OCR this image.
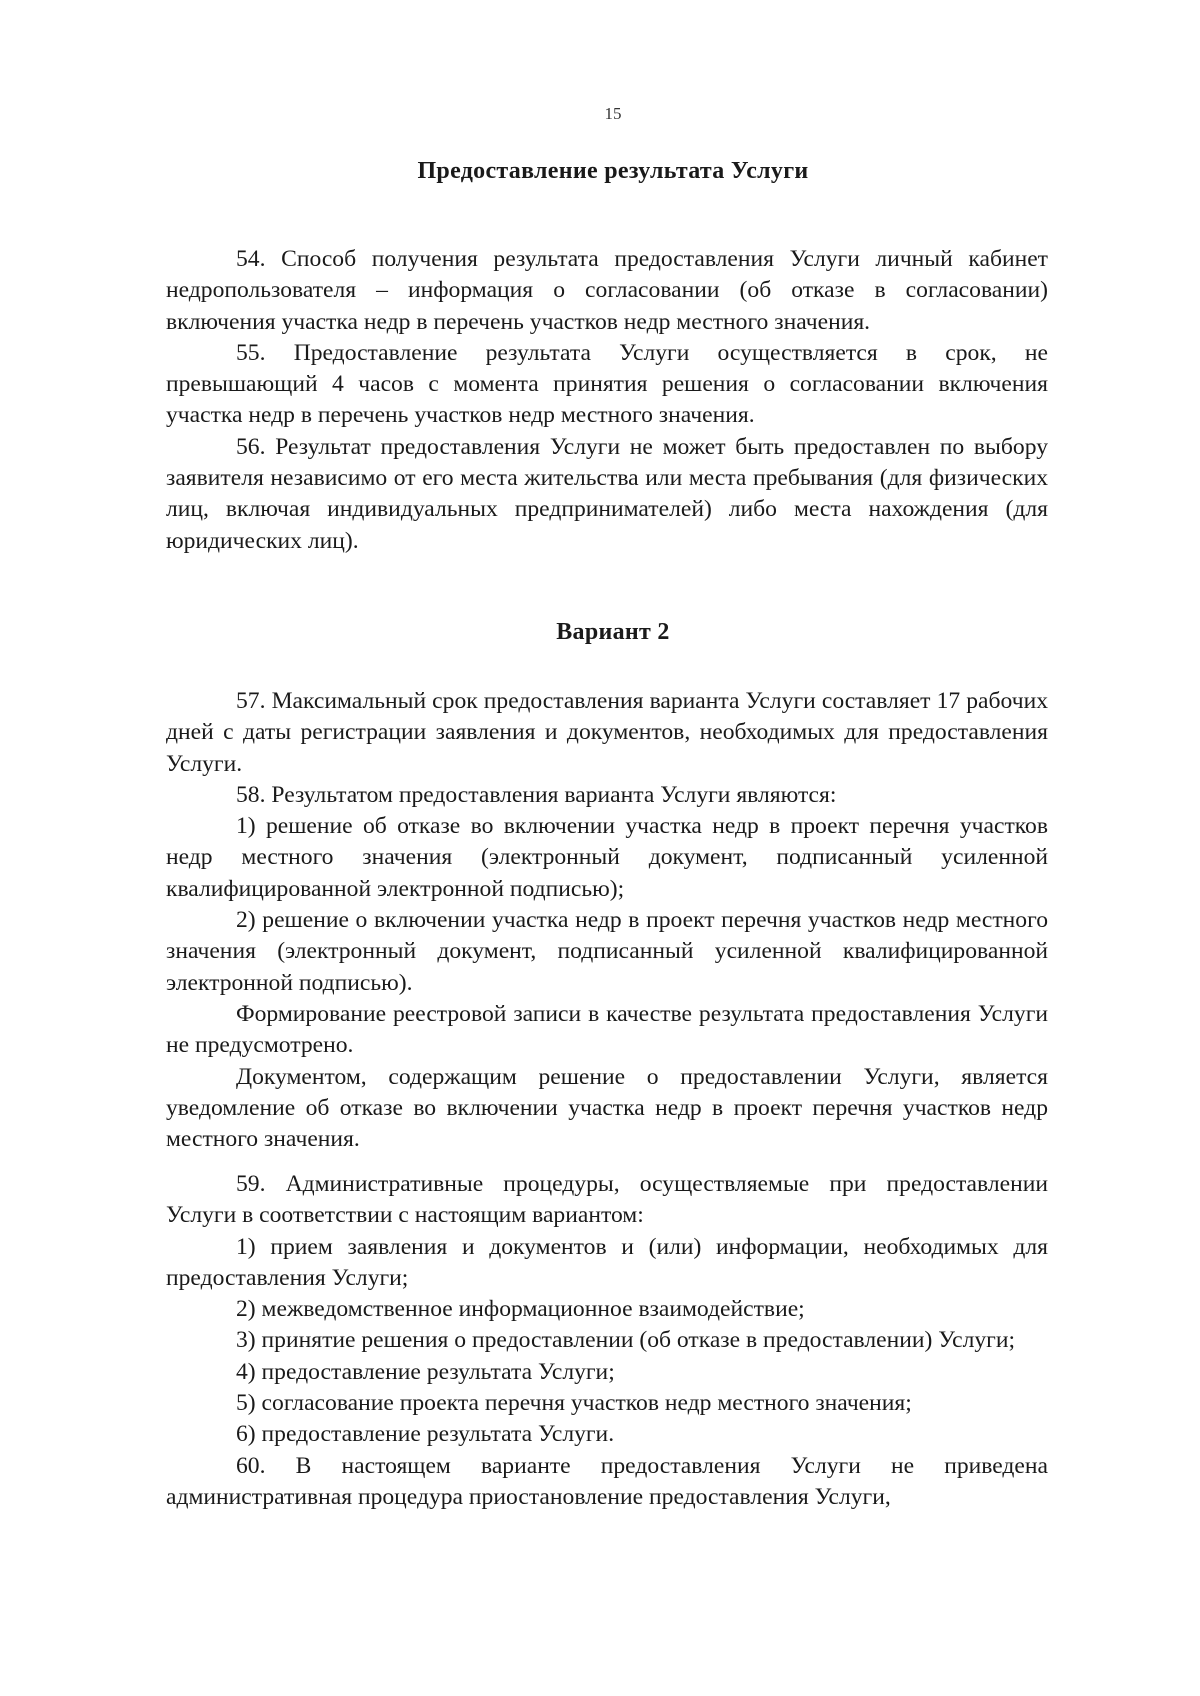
15
Предоставление результата Услуги

54. Способ получения результата предоставления Услуги личный кабинет недропользователя – информация о согласовании (об отказе в согласовании) включения участка недр в перечень участков недр местного значения.

55. Предоставление результата Услуги осуществляется в срок, не превышающий 4 часов с момента принятия решения о согласовании включения участка недр в перечень участков недр местного значения.

56. Результат предоставления Услуги не может быть предоставлен по выбору заявителя независимо от его места жительства или места пребывания (для физических лиц, включая индивидуальных предпринимателей) либо места нахождения (для юридических лиц).

Вариант 2

57. Максимальный срок предоставления варианта Услуги составляет 17 рабочих дней с даты регистрации заявления и документов, необходимых для предоставления Услуги.

58. Результатом предоставления варианта Услуги являются:

1) решение об отказе во включении участка недр в проект перечня участков недр местного значения (электронный документ, подписанный усиленной квалифицированной электронной подписью);

2) решение о включении участка недр в проект перечня участков недр местного значения (электронный документ, подписанный усиленной квалифицированной электронной подписью).

Формирование реестровой записи в качестве результата предоставления Услуги не предусмотрено.

Документом, содержащим решение о предоставлении Услуги, является уведомление об отказе во включении участка недр в проект перечня участков недр местного значения.

59. Административные процедуры, осуществляемые при предоставлении Услуги в соответствии с настоящим вариантом:

1) прием заявления и документов и (или) информации, необходимых для предоставления Услуги;

2) межведомственное информационное взаимодействие;

3) принятие решения о предоставлении (об отказе в предоставлении) Услуги;

4) предоставление результата Услуги;

5) согласование проекта перечня участков недр местного значения;

6) предоставление результата Услуги.

60. В настоящем варианте предоставления Услуги не приведена административная процедура приостановление предоставления Услуги,
